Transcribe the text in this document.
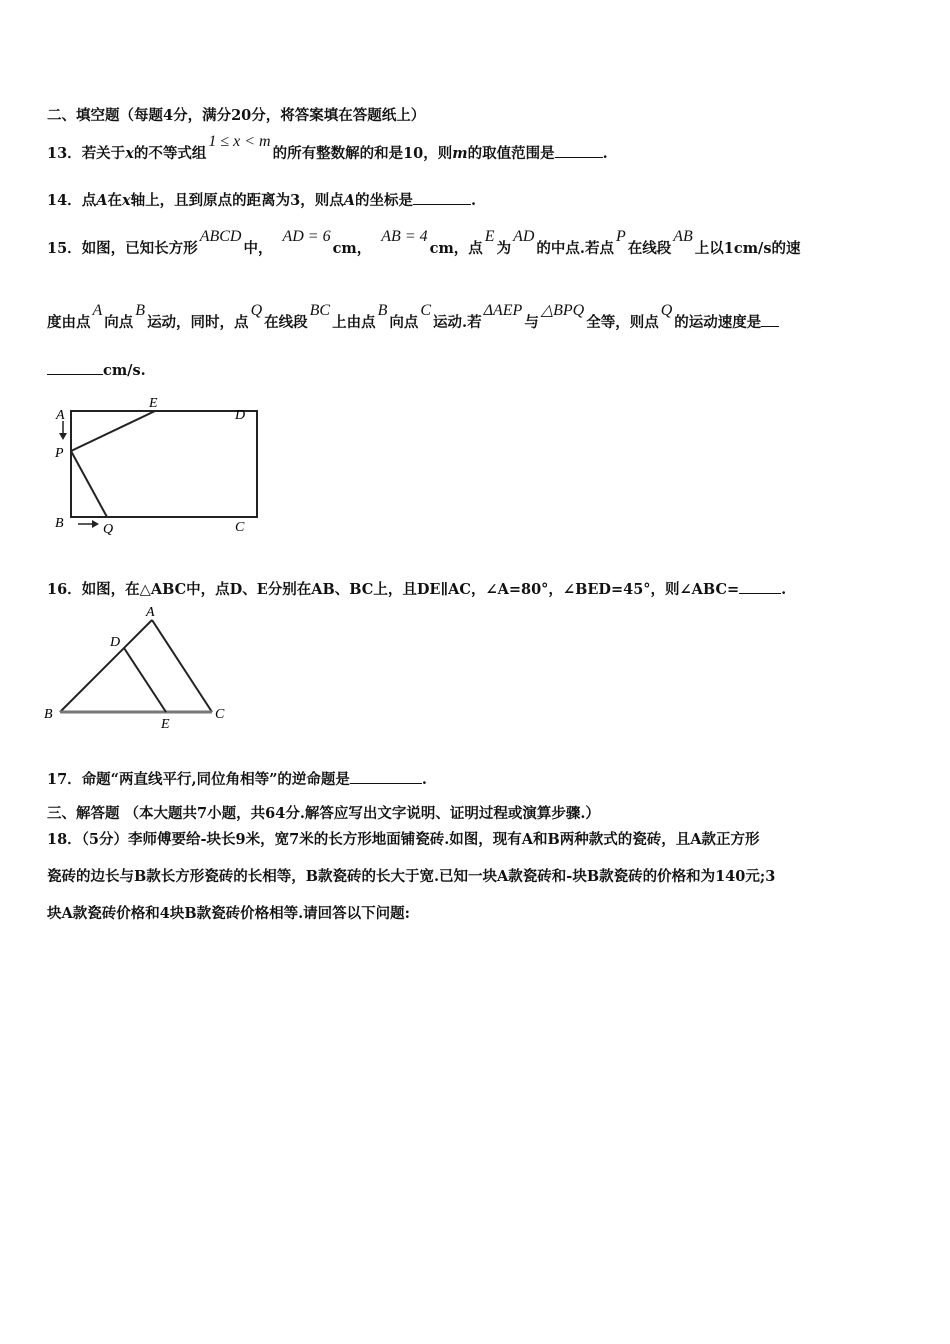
二、填空题（每题4分，满分20分，将答案填在答题纸上）
13．若关于x的不等式组1 ≤ x < m的所有整数解的和是10，则m的取值范围是	.
14．点A在x轴上，且到原点的距离为3，则点A的坐标是	.
15．如图，已知长方形ABCD中，AD = 6cm，AB = 4cm，点E为AD的中点.若点P在线段AB上以1cm/s的速
度由点A向点B运动，同时，点Q在线段BC上由点B向点C运动.若ΔAEP与△BPQ全等，则点Q的运动速度是
cm/s.
A
E
D
P
B	Q	C
16．如图，在△ABC中，点D、E分别在AB、BC上，且DE∥AC，∠A=80°，∠BED=45°，则∠ABC=	.
A
D
B
E
C
17．命题“两直线平行,同位角相等”的逆命题是	.
三、解答题 （本大题共7小题，共64分.解答应写出文字说明、证明过程或演算步骤.）
18．（5分）李师傅要给-块长9米，宽7米的长方形地面铺瓷砖.如图，现有A和B两种款式的瓷砖，且A款正方形
瓷砖的边长与B款长方形瓷砖的长相等，B款瓷砖的长大于宽.已知一块A款瓷砖和-块B款瓷砖的价格和为140元;3
块A款瓷砖价格和4块B款瓷砖价格相等.请回答以下问题:
